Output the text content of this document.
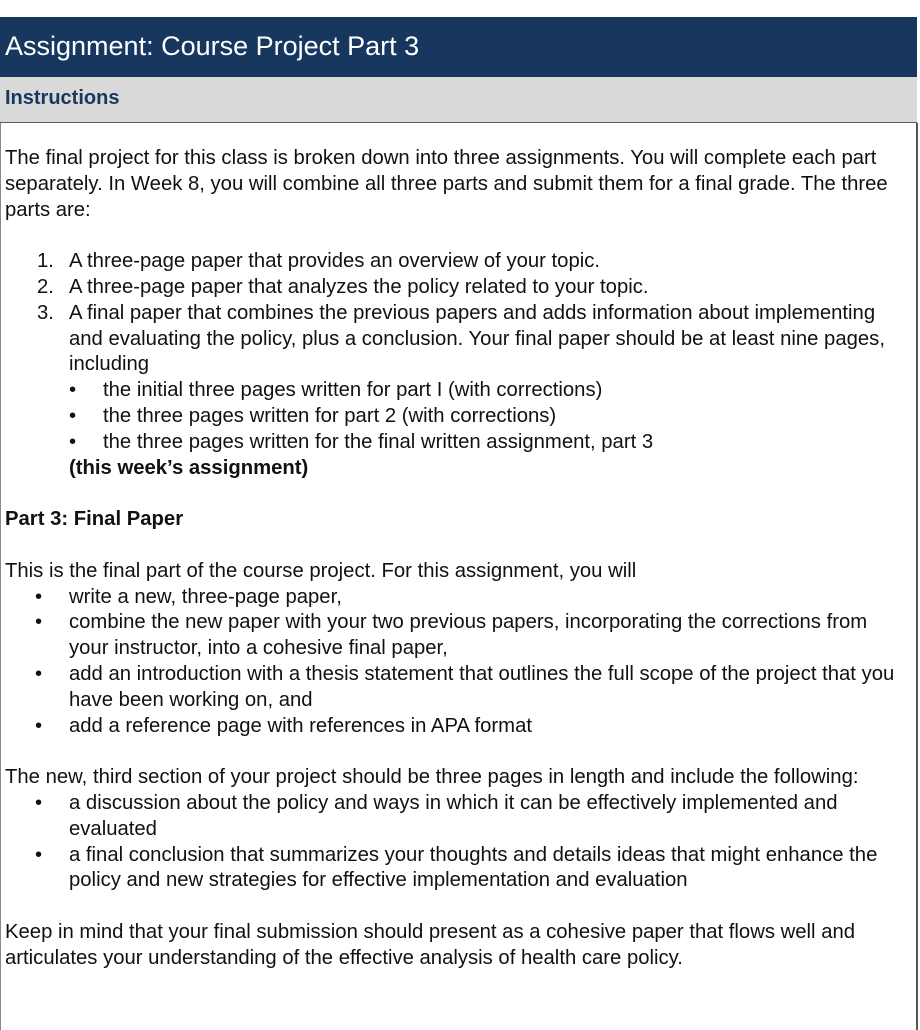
Assignment: Course Project Part 3
Instructions

The final project for this class is broken down into three assignments. You will complete each part separately. In Week 8, you will combine all three parts and submit them for a final grade. The three parts are:

1. A three-page paper that provides an overview of your topic.
2. A three-page paper that analyzes the policy related to your topic.
3. A final paper that combines the previous papers and adds information about implementing and evaluating the policy, plus a conclusion. Your final paper should be at least nine pages, including
• the initial three pages written for part I (with corrections)
• the three pages written for part 2 (with corrections)
• the three pages written for the final written assignment, part 3
(this week’s assignment)

Part 3: Final Paper

This is the final part of the course project. For this assignment, you will

• write a new, three-page paper,
• combine the new paper with your two previous papers, incorporating the corrections from your instructor, into a cohesive final paper,
• add an introduction with a thesis statement that outlines the full scope of the project that you have been working on, and
• add a reference page with references in APA format

The new, third section of your project should be three pages in length and include the following:

• a discussion about the policy and ways in which it can be effectively implemented and evaluated
• a final conclusion that summarizes your thoughts and details ideas that might enhance the policy and new strategies for effective implementation and evaluation

Keep in mind that your final submission should present as a cohesive paper that flows well and articulates your understanding of the effective analysis of health care policy.
